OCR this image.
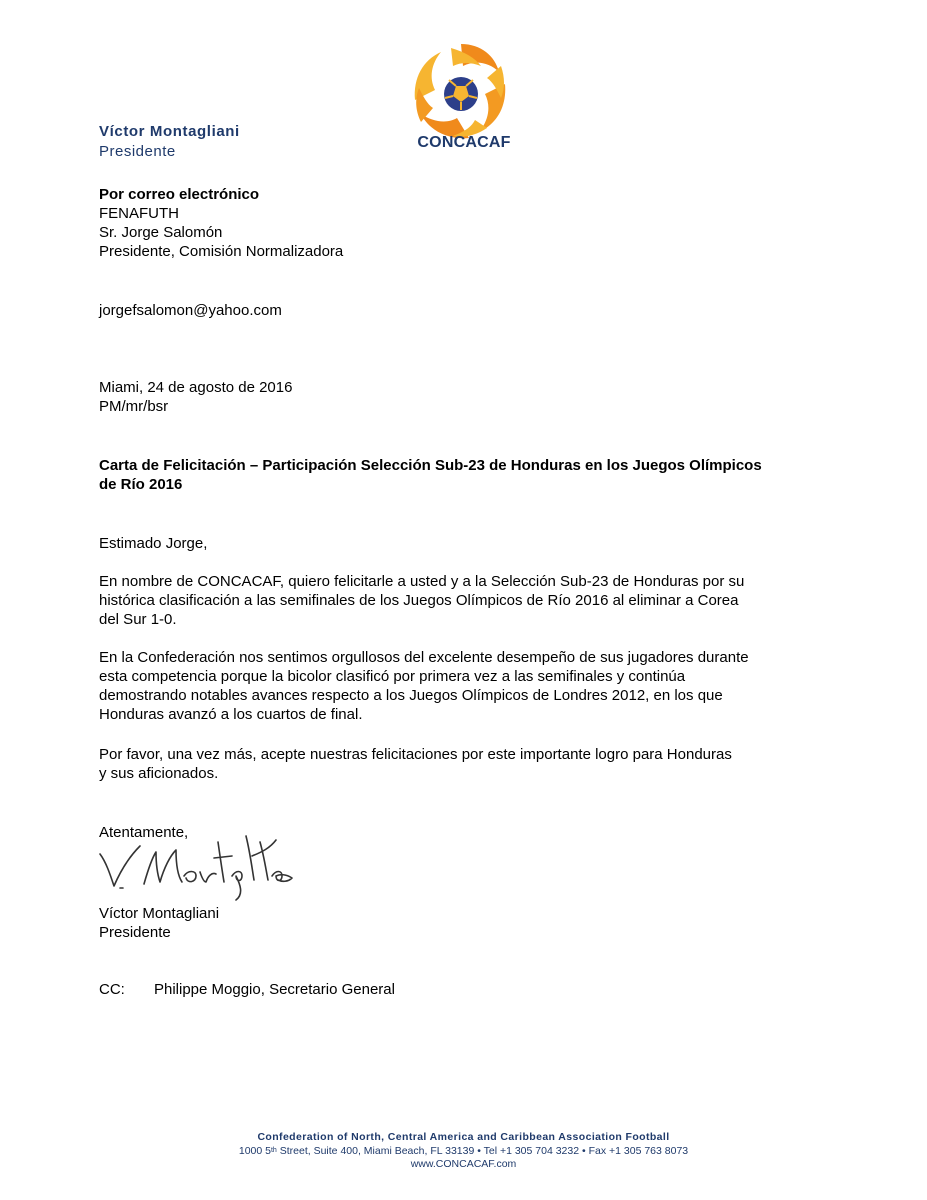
CONCACAF
Víctor Montagliani
Presidente
Por correo electrónico
FENAFUTH
Sr. Jorge Salomón
Presidente, Comisión Normalizadora
jorgefsalomon@yahoo.com
Miami, 24 de agosto de 2016
PM/mr/bsr
Carta de Felicitación – Participación Selección Sub-23 de Honduras en los Juegos Olímpicos
de Río 2016
Estimado Jorge,
En nombre de CONCACAF, quiero felicitarle a usted y a la Selección Sub-23 de Honduras por su
histórica clasificación a las semifinales de los Juegos Olímpicos de Río 2016 al eliminar a Corea
del Sur 1-0.
En la Confederación nos sentimos orgullosos del excelente desempeño de sus jugadores durante
esta competencia porque la bicolor clasificó por primera vez a las semifinales y continúa
demostrando notables avances respecto a los Juegos Olímpicos de Londres 2012, en los que
Honduras avanzó a los cuartos de final.
Por favor, una vez más, acepte nuestras felicitaciones por este importante logro para Honduras
y sus aficionados.
Atentamente,
Víctor Montagliani
Presidente
CC: Philippe Moggio, Secretario General
Confederation of North, Central America and Caribbean Association Football
1000 5th Street, Suite 400, Miami Beach, FL 33139 • Tel +1 305 704 3232 • Fax +1 305 763 8073
www.CONCACAF.com
